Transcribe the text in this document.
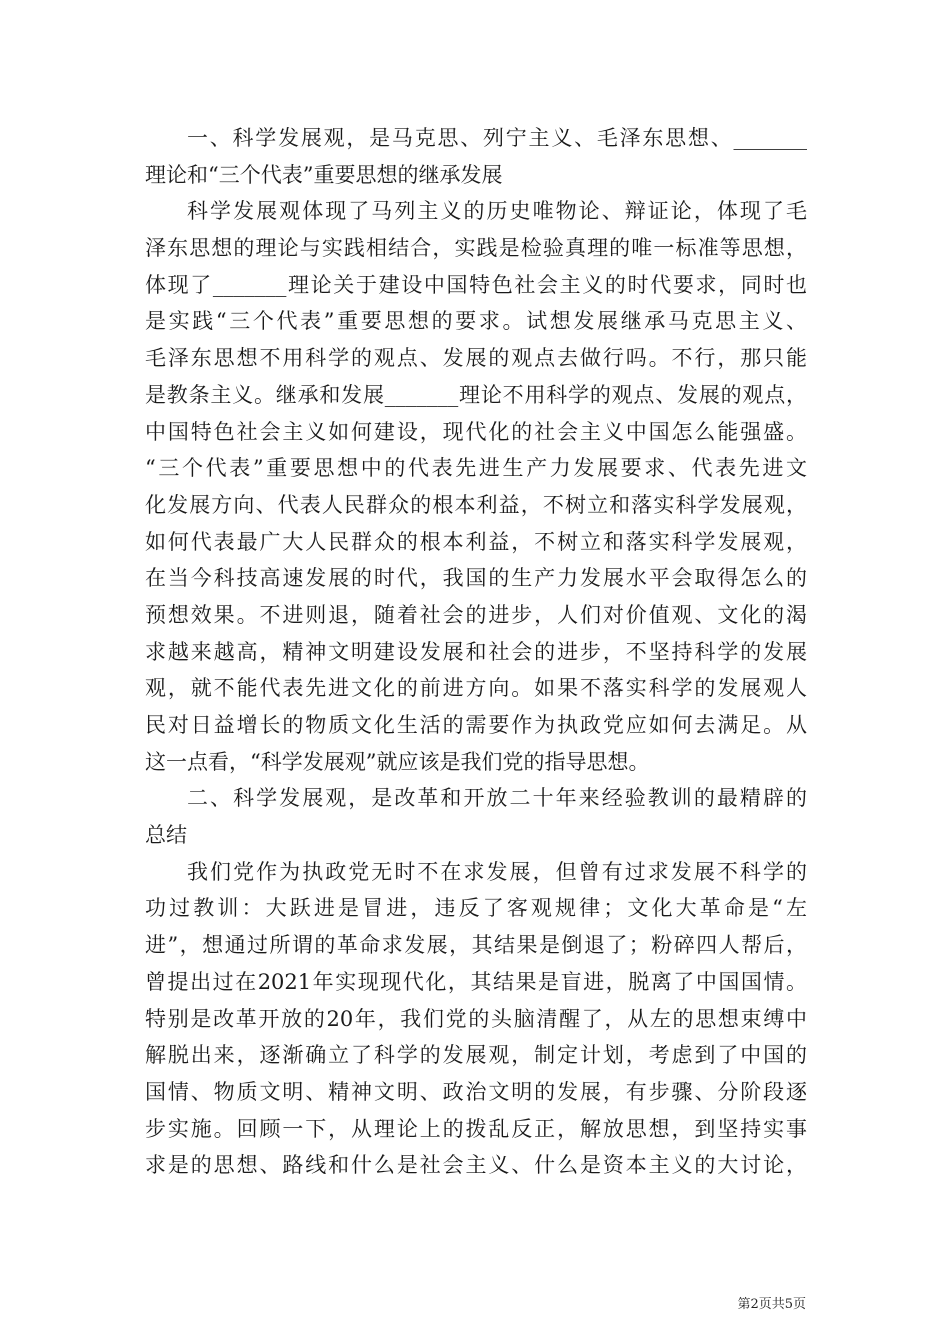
一、科学发展观，是马克思、列宁主义、毛泽东思想、_______
理论和“三个代表”重要思想的继承发展
科学发展观体现了马列主义的历史唯物论、辩证论，体现了毛
泽东思想的理论与实践相结合，实践是检验真理的唯一标准等思想，
体现了_______理论关于建设中国特色社会主义的时代要求，同时也
是实践“三个代表”重要思想的要求。试想发展继承马克思主义、
毛泽东思想不用科学的观点、发展的观点去做行吗。不行，那只能
是教条主义。继承和发展_______理论不用科学的观点、发展的观点，
中国特色社会主义如何建设，现代化的社会主义中国怎么能强盛。
“三个代表”重要思想中的代表先进生产力发展要求、代表先进文
化发展方向、代表人民群众的根本利益，不树立和落实科学发展观，
如何代表最广大人民群众的根本利益，不树立和落实科学发展观，
在当今科技高速发展的时代，我国的生产力发展水平会取得怎么的
预想效果。不进则退，随着社会的进步，人们对价值观、文化的渴
求越来越高，精神文明建设发展和社会的进步，不坚持科学的发展
观，就不能代表先进文化的前进方向。如果不落实科学的发展观人
民对日益增长的物质文化生活的需要作为执政党应如何去满足。从
这一点看，“科学发展观”就应该是我们党的指导思想。
二、科学发展观，是改革和开放二十年来经验教训的最精辟的
总结
我们党作为执政党无时不在求发展，但曾有过求发展不科学的
功过教训：大跃进是冒进，违反了客观规律；文化大革命是“左
进”，想通过所谓的革命求发展，其结果是倒退了；粉碎四人帮后，
曾提出过在2021年实现现代化，其结果是盲进，脱离了中国国情。
特别是改革开放的20年，我们党的头脑清醒了，从左的思想束缚中
解脱出来，逐渐确立了科学的发展观，制定计划，考虑到了中国的
国情、物质文明、精神文明、政治文明的发展，有步骤、分阶段逐
步实施。回顾一下，从理论上的拨乱反正，解放思想，到坚持实事
求是的思想、路线和什么是社会主义、什么是资本主义的大讨论，
第2页共5页
